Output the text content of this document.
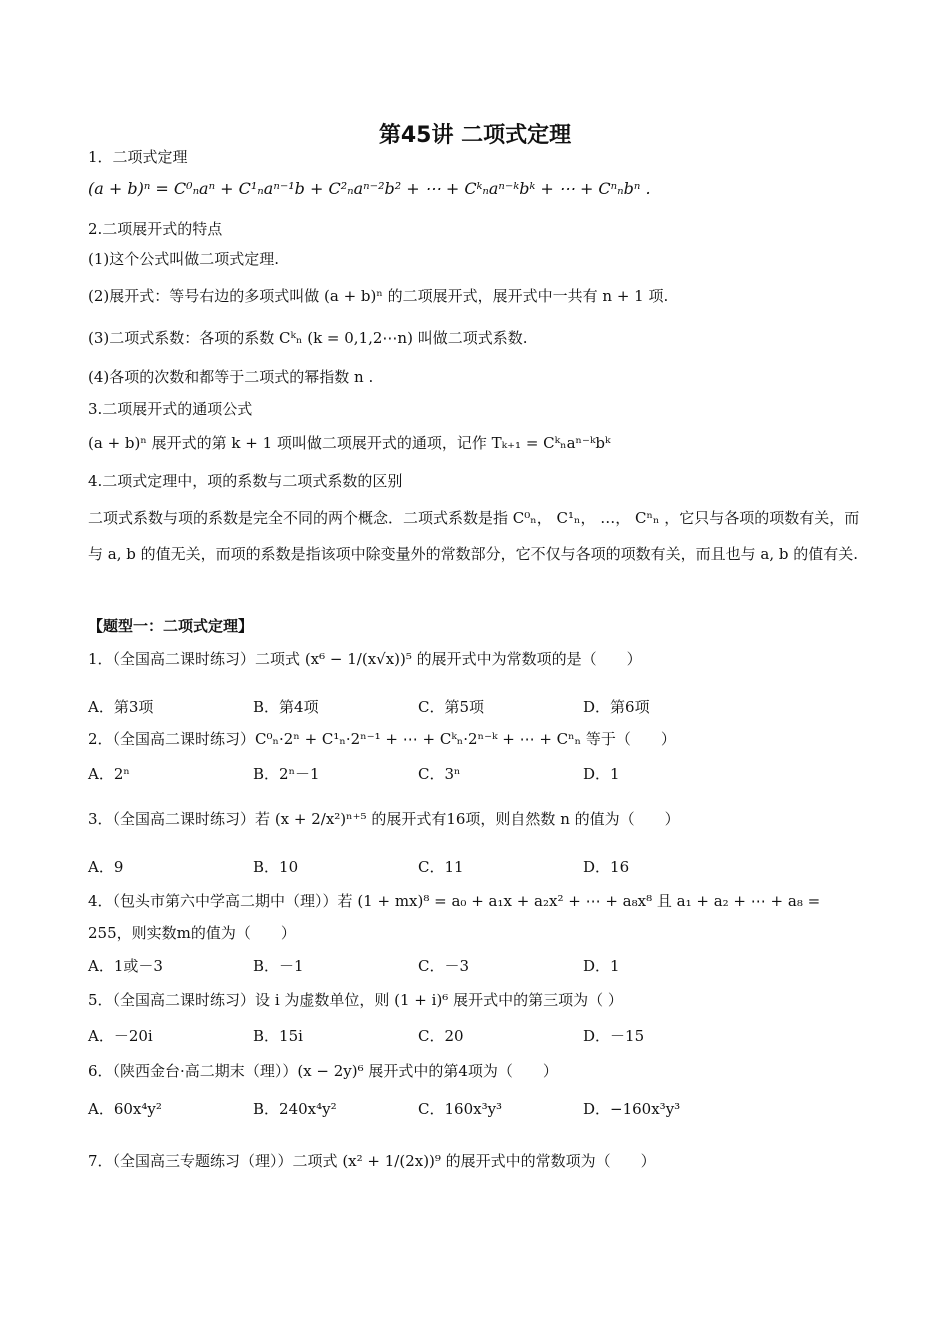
第45讲 二项式定理
1．二项式定理
(a + b)ⁿ = C⁰ₙaⁿ + C¹ₙaⁿ⁻¹b + C²ₙaⁿ⁻²b² + ⋯ + Cᵏₙaⁿ⁻ᵏbᵏ + ⋯ + Cⁿₙbⁿ .
2.二项展开式的特点
(1)这个公式叫做二项式定理.
(2)展开式：等号右边的多项式叫做 (a + b)ⁿ 的二项展开式，展开式中一共有 n + 1 项.
(3)二项式系数：各项的系数 Cᵏₙ (k = 0,1,2⋯n) 叫做二项式系数.
(4)各项的次数和都等于二项式的幂指数 n .
3.二项展开式的通项公式
(a + b)ⁿ 展开式的第 k + 1 项叫做二项展开式的通项，记作 Tₖ₊₁ = Cᵏₙaⁿ⁻ᵏbᵏ
4.二项式定理中，项的系数与二项式系数的区别
二项式系数与项的系数是完全不同的两个概念．二项式系数是指 C⁰ₙ， C¹ₙ， …， Cⁿₙ ，它只与各项的项数有关，而与 a, b 的值无关，而项的系数是指该项中除变量外的常数部分，它不仅与各项的项数有关，而且也与 a, b 的值有关.
【题型一：二项式定理】
1．（全国高二课时练习）二项式 (x⁶ − 1/(x√x))⁵ 的展开式中为常数项的是（　　）
A．第3项	B．第4项	C．第5项	D．第6项
2．（全国高二课时练习）C⁰ₙ·2ⁿ + C¹ₙ·2ⁿ⁻¹ + ⋯ + Cᵏₙ·2ⁿ⁻ᵏ + ⋯ + Cⁿₙ 等于（　　）
A．2ⁿ	B．2ⁿ－1	C．3ⁿ	D．1
3．（全国高二课时练习）若 (x + 2/x²)ⁿ⁺⁵ 的展开式有16项，则自然数 n 的值为（　　）
A．9	B．10	C．11	D．16
4．（包头市第六中学高二期中（理））若 (1 + mx)⁸ = a₀ + a₁x + a₂x² + ⋯ + a₈x⁸ 且 a₁ + a₂ + ⋯ + a₈ = 255，则实数m的值为（　　）
A．1或－3	B．－1	C．－3	D．1
5．（全国高二课时练习）设 i 为虚数单位，则 (1 + i)⁶ 展开式中的第三项为（ ）
A．－20i	B．15i	C．20	D．－15
6．（陕西金台·高二期末（理））(x − 2y)⁶ 展开式中的第4项为（　　）
A．60x⁴y²	B．240x⁴y²	C．160x³y³	D．−160x³y³
7．（全国高三专题练习（理））二项式 (x² + 1/(2x))⁹ 的展开式中的常数项为（　　）
